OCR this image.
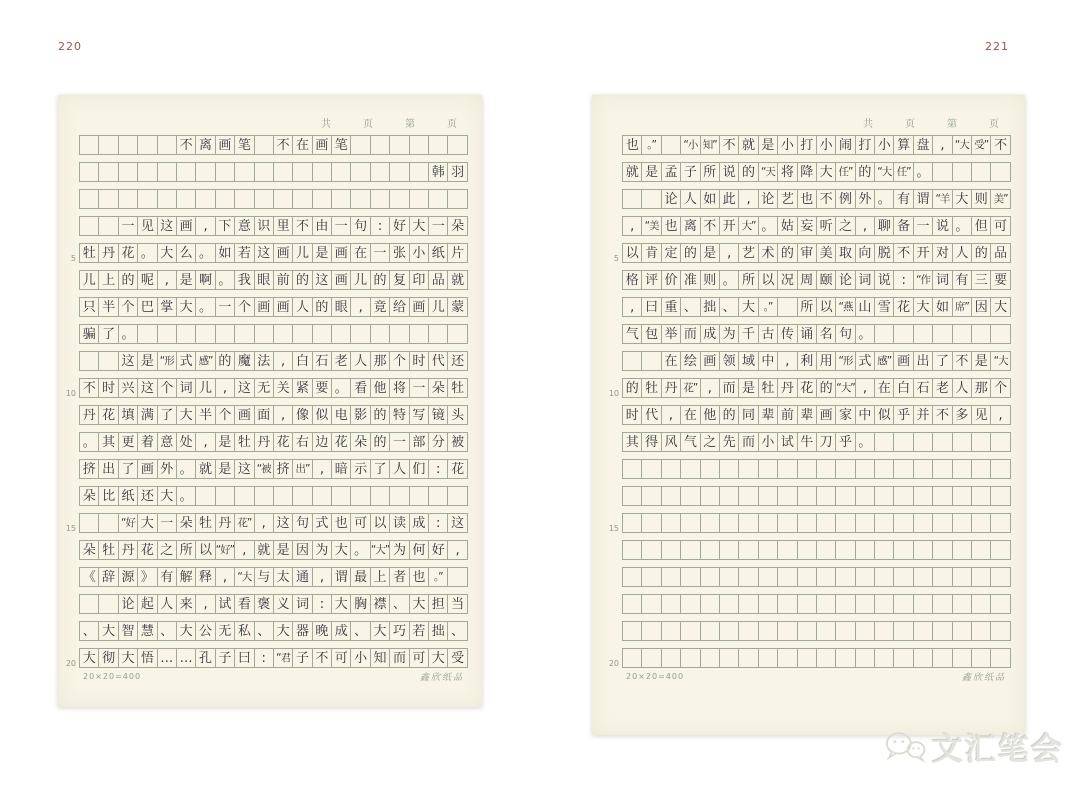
220	221
共　页　第　页
不 离 画 笔 不 在 画 笔
韩 羽
一 见 这 画 , 下 意 识 里 不 由 一 句 : 好 大 一 朵
牡 丹 花 。 大 么 。 如 若 这 画 儿 是 画 在 一 张 小 纸 片
儿 上 的 呢 , 是 啊 。 我 眼 前 的 这 画 儿 的 复 印 品 就
只 半 个 巴 掌 大 。 一 个 画 画 人 的 眼 , 竟 给 画 儿 蒙
骗 了 。
这 是 “形 式 感” 的 魔 法 , 白 石 老 人 那 个 时 代 还
不 时 兴 这 个 词 儿 , 这 无 关 紧 要 。 看 他 将 一 朵 牡
丹 花 填 满 了 大 半 个 画 面 , 像 似 电 影 的 特 写 镜 头
。 其 更 着 意 处 , 是 牡 丹 花 右 边 花 朵 的 一 部 分 被
挤 出 了 画 外 。 就 是 这 “被 挤 出” , 暗 示 了 人 们 : 花
朵 比 纸 还 大 。
“好 大 一 朵 牡 丹 花” , 这 句 式 也 可 以 读 成 : 这
朵 牡 丹 花 之 所 以 “好” , 就 是 因 为 大 。 “大” 为 何 好 ,
《 辞 源 》 有 解 释 , “大 与 太 通 , 谓 最 上 者 也 。”
论 起 人 来 , 试 看 褒 义 词 : 大 胸 襟 、 大 担 当
、 大 智 慧 、 大 公 无 私 、 大 器 晚 成 、 大 巧 若 拙 、
大 彻 大 悟 … … 孔 子 曰 : “君 子 不 可 小 知 而 可 大 受
5
10
15
20
20×20=400	鑫欣纸品
共　页　第　页
也 。”	“小 知” 不 就 是 小 打 小 闹 打 小 算 盘 , “大 受” 不
就 是 孟 子 所 说 的 “天 将 降 大 任” 的 “大 任” 。
论 人 如 此 , 论 艺 也 不 例 外 。 有 谓 “羊 大 则 美”
, “美 也 离 不 开 大” 。 姑 妄 听 之 , 聊 备 一 说 。 但 可
以 肯 定 的 是 , 艺 术 的 审 美 取 向 脱 不 开 对 人 的 品
格 评 价 准 则 。 所 以 况 周 颐 论 词 说 : “作 词 有 三 要
, 曰 重 、 拙 、 大 。”	所 以 “燕 山 雪 花 大 如 席” 因 大
气 包 举 而 成 为 千 古 传 诵 名 句 。
在 绘 画 领 域 中 , 利 用 “形 式 感” 画 出 了 不 是 “大
的 牡 丹 花” , 而 是 牡 丹 花 的 “大” , 在 白 石 老 人 那 个
时 代 , 在 他 的 同 辈 前 辈 画 家 中 似 乎 并 不 多 见 ,
其 得 风 气 之 先 而 小 试 牛 刀 乎 。
5
10
15
20
20×20=400	鑫欣纸品
文汇笔会
